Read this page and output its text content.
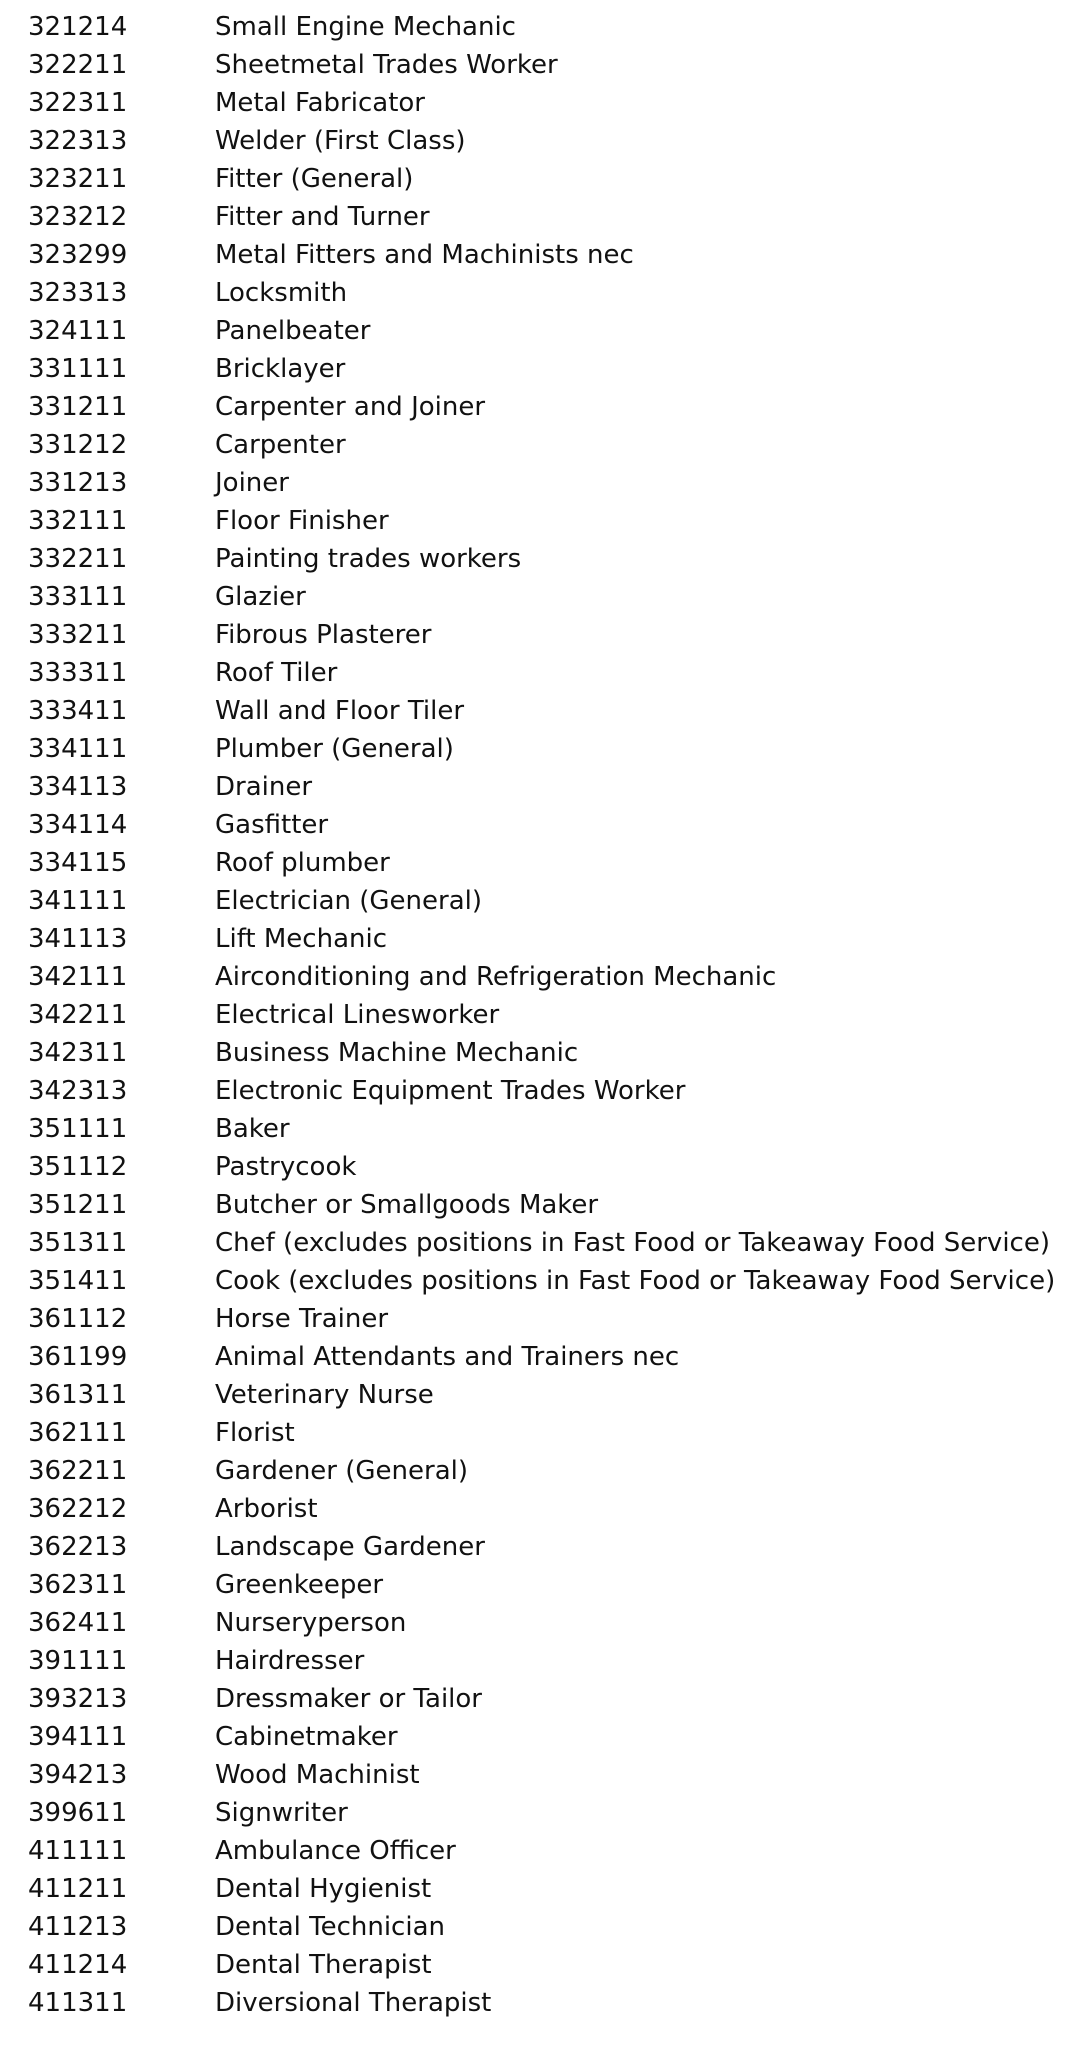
321214	Small Engine Mechanic
322211	Sheetmetal Trades Worker
322311	Metal Fabricator
322313	Welder (First Class)
323211	Fitter (General)
323212	Fitter and Turner
323299	Metal Fitters and Machinists nec
323313	Locksmith
324111	Panelbeater
331111	Bricklayer
331211	Carpenter and Joiner
331212	Carpenter
331213	Joiner
332111	Floor Finisher
332211	Painting trades workers
333111	Glazier
333211	Fibrous Plasterer
333311	Roof Tiler
333411	Wall and Floor Tiler
334111	Plumber (General)
334113	Drainer
334114	Gasfitter
334115	Roof plumber
341111	Electrician (General)
341113	Lift Mechanic
342111	Airconditioning and Refrigeration Mechanic
342211	Electrical Linesworker
342311	Business Machine Mechanic
342313	Electronic Equipment Trades Worker
351111	Baker
351112	Pastrycook
351211	Butcher or Smallgoods Maker
351311	Chef (excludes positions in Fast Food or Takeaway Food Service)
351411	Cook (excludes positions in Fast Food or Takeaway Food Service)
361112	Horse Trainer
361199	Animal Attendants and Trainers nec
361311	Veterinary Nurse
362111	Florist
362211	Gardener (General)
362212	Arborist
362213	Landscape Gardener
362311	Greenkeeper
362411	Nurseryperson
391111	Hairdresser
393213	Dressmaker or Tailor
394111	Cabinetmaker
394213	Wood Machinist
399611	Signwriter
411111	Ambulance Officer
411211	Dental Hygienist
411213	Dental Technician
411214	Dental Therapist
411311	Diversional Therapist
